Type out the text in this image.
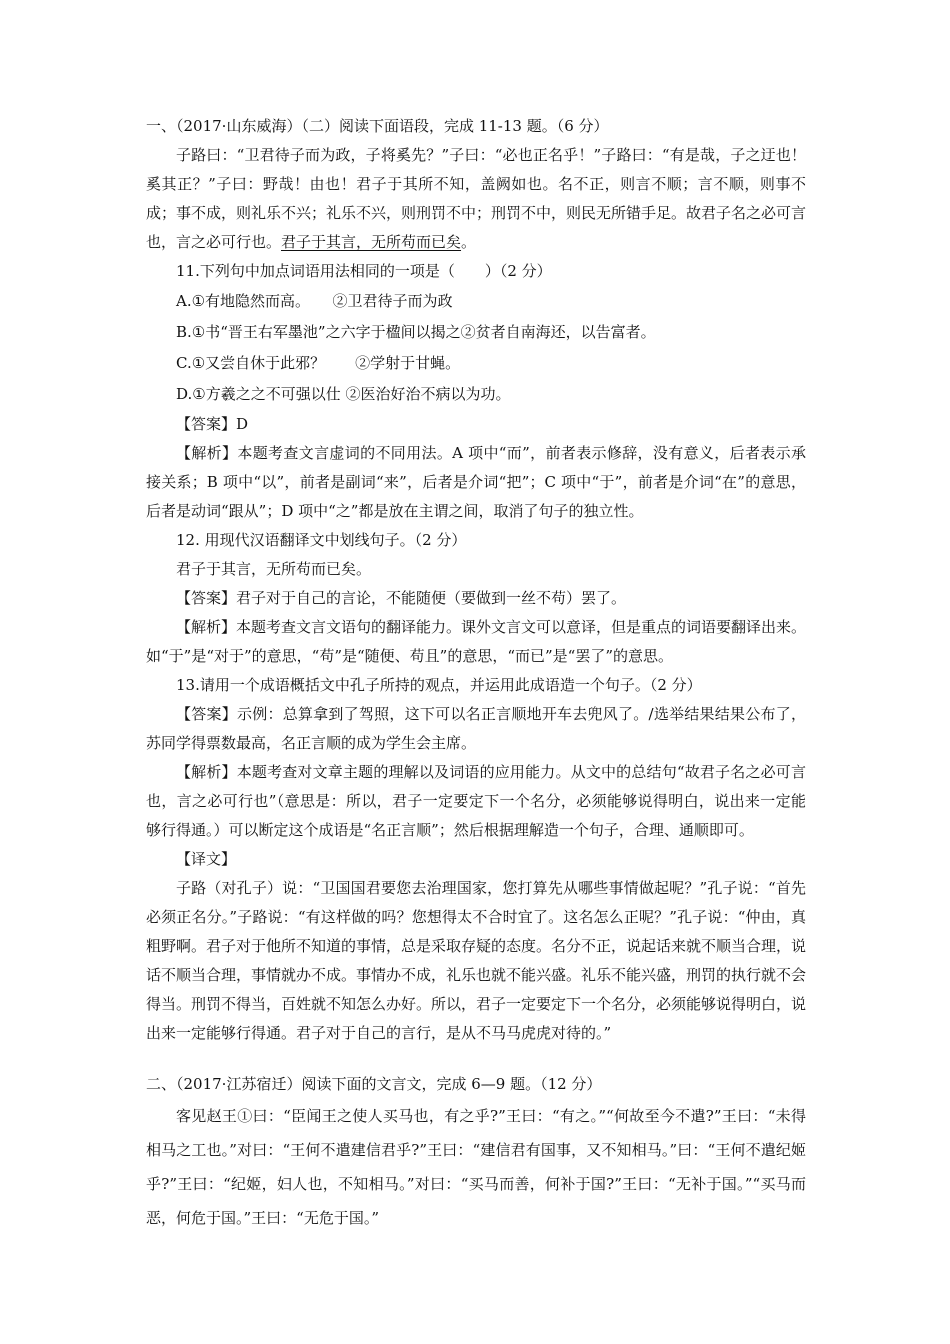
一、（2017·山东威海）（二）阅读下面语段，完成 11-13 题。（6 分）

子路曰：“卫君待子而为政，子将奚先？”子曰：“必也正名乎！”子路曰：“有是哉，子之迂也！奚其正？”子曰：野哉！由也！君子于其所不知，盖阙如也。名不正，则言不顺；言不顺，则事不成；事不成，则礼乐不兴；礼乐不兴，则刑罚不中；刑罚不中，则民无所错手足。故君子名之必可言也，言之必可行也。君子于其言，无所苟而已矣。

11.下列句中加点词语用法相同的一项是（　　）（2 分）

A.①有地隐然而高。　　②卫君待子而为政

B.①书“晋王右军墨池”之六字于楹间以揭之②贫者自南海还，以告富者。

C.①又尝自休于此邪？　　②学射于甘蝇。

D.①方羲之之不可强以仕 ②医治好治不病以为功。

【答案】D

【解析】本题考查文言虚词的不同用法。A 项中“而”，前者表示修辞，没有意义，后者表示承接关系；B 项中“以”，前者是副词“来”，后者是介词“把”；C 项中“于”，前者是介词“在”的意思，后者是动词“跟从”；D 项中“之”都是放在主谓之间，取消了句子的独立性。

12. 用现代汉语翻译文中划线句子。（2 分）

君子于其言，无所苟而已矣。

【答案】君子对于自己的言论，不能随便（要做到一丝不苟）罢了。

【解析】本题考查文言文语句的翻译能力。课外文言文可以意译，但是重点的词语要翻译出来。如“于”是“对于”的意思，“苟”是“随便、苟且”的意思，“而已”是“罢了”的意思。

13.请用一个成语概括文中孔子所持的观点，并运用此成语造一个句子。（2 分）

【答案】示例：总算拿到了驾照，这下可以名正言顺地开车去兜风了。/选举结果结果公布了，苏同学得票数最高，名正言顺的成为学生会主席。

【解析】本题考查对文章主题的理解以及词语的应用能力。从文中的总结句“故君子名之必可言也，言之必可行也”（意思是：所以，君子一定要定下一个名分，必须能够说得明白，说出来一定能够行得通。）可以断定这个成语是“名正言顺”；然后根据理解造一个句子，合理、通顺即可。

【译文】

子路（对孔子）说：“卫国国君要您去治理国家，您打算先从哪些事情做起呢？”孔子说：“首先必须正名分。”子路说：“有这样做的吗？您想得太不合时宜了。这名怎么正呢？”孔子说：“仲由，真粗野啊。君子对于他所不知道的事情，总是采取存疑的态度。名分不正，说起话来就不顺当合理，说话不顺当合理，事情就办不成。事情办不成，礼乐也就不能兴盛。礼乐不能兴盛，刑罚的执行就不会得当。刑罚不得当，百姓就不知怎么办好。所以，君子一定要定下一个名分，必须能够说得明白，说出来一定能够行得通。君子对于自己的言行，是从不马马虎虎对待的。”

二、（2017·江苏宿迁）阅读下面的文言文，完成 6—9 题。（12 分）

客见赵王①曰：“臣闻王之使人买马也，有之乎?”王曰：“有之。”“何故至今不遣?”王曰：“未得相马之工也。”对曰：“王何不遣建信君乎?”王曰：“建信君有国事，又不知相马。”曰：“王何不遣纪姬乎?”王曰：“纪姬，妇人也，不知相马。”对曰：“买马而善，何补于国?”王曰：“无补于国。”“买马而恶，何危于国。”王曰：“无危于国。”
